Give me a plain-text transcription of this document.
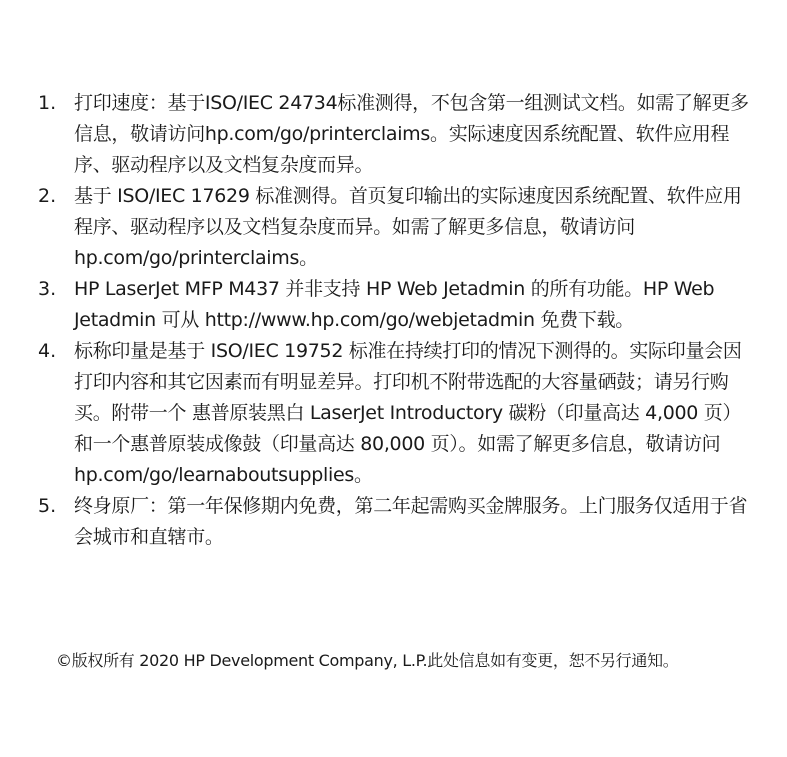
1. 打印速度：基于ISO/IEC 24734标准测得，不包含第一组测试文档。如需了解更多信息，敬请访问hp.com/go/printerclaims。实际速度因系统配置、软件应用程序、驱动程序以及文档复杂度而异。
2. 基于 ISO/IEC 17629 标准测得。首页复印输出的实际速度因系统配置、软件应用程序、驱动程序以及文档复杂度而异。如需了解更多信息，敬请访问 hp.com/go/printerclaims。
3. HP LaserJet MFP M437 并非支持 HP Web Jetadmin 的所有功能。HP Web Jetadmin 可从 http://www.hp.com/go/webjetadmin 免费下载。
4. 标称印量是基于 ISO/IEC 19752 标准在持续打印的情况下测得的。实际印量会因打印内容和其它因素而有明显差异。打印机不附带选配的大容量硒鼓；请另行购买。附带一个 惠普原装黑白 LaserJet Introductory 碳粉（印量高达 4,000 页）和一个惠普原装成像鼓（印量高达 80,000 页）。如需了解更多信息，敬请访问hp.com/go/learnaboutsupplies。
5. 终身原厂：第一年保修期内免费，第二年起需购买金牌服务。上门服务仅适用于省会城市和直辖市。
©版权所有 2020 HP Development Company, L.P.此处信息如有变更，恕不另行通知。
